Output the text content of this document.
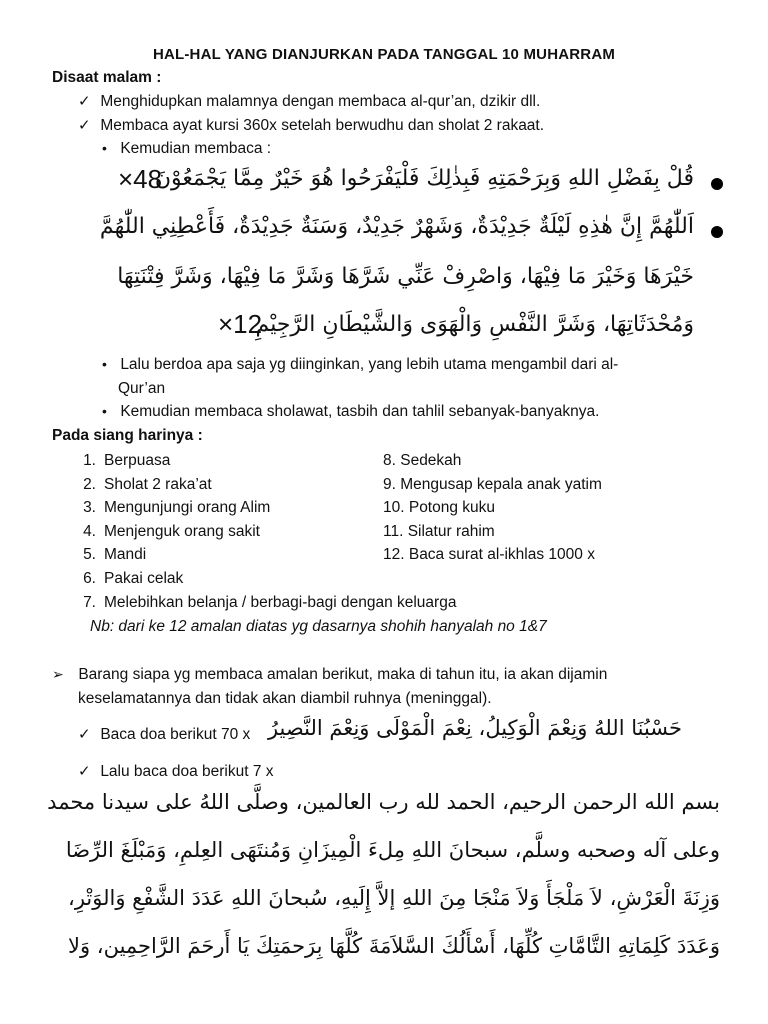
HAL-HAL YANG DIANJURKAN PADA TANGGAL 10 MUHARRAM
Disaat malam :
✓ Menghidupkan malamnya dengan membaca al-qur’an, dzikir dll.
✓ Membaca ayat kursi 360x setelah berwudhu dan sholat 2 rakaat.
• Kemudian membaca :
×48
قُلْ بِفَضْلِ اللهِ وَبِرَحْمَتِهِ فَبِذٰلِكَ فَلْيَفْرَحُوا هُوَ خَيْرٌ مِمَّا يَجْمَعُوْنَ
اَللّٰهُمَّ إِنَّ هٰذِهِ لَيْلَةٌ جَدِيْدَةٌ، وَشَهْرٌ جَدِيْدٌ، وَسَنَةٌ جَدِيْدَةٌ، فَأَعْطِنِي اللّٰهُمَّ
خَيْرَهَا وَخَيْرَ مَا فِيْهَا، وَاصْرِفْ عَنِّي شَرَّهَا وَشَرَّ مَا فِيْهَا، وَشَرَّ فِتْنَتِهَا
×12
وَمُحْدَثَاتِهَا، وَشَرَّ النَّفْسِ وَالْهَوَى وَالشَّيْطَانِ الرَّجِيْمِ
• Lalu berdoa apa saja yg diinginkan, yang lebih utama mengambil dari al-
Qur’an
• Kemudian membaca sholawat, tasbih dan tahlil sebanyak-banyaknya.
Pada siang harinya :
1. Berpuasa
2. Sholat 2 raka’at
3. Mengunjungi orang Alim
4. Menjenguk orang sakit
5. Mandi
6. Pakai celak
7. Melebihkan belanja / berbagi-bagi dengan keluarga
8. Sedekah
9. Mengusap kepala anak yatim
10. Potong kuku
11. Silatur rahim
12. Baca surat al-ikhlas 1000 x
Nb: dari ke 12 amalan diatas yg dasarnya shohih hanyalah no 1&7
➢ Barang siapa yg membaca amalan berikut, maka di tahun itu, ia akan dijamin
keselamatannya dan tidak akan diambil ruhnya (meninggal).
✓ Baca doa berikut 70 x حَسْبُنَا اللهُ وَنِعْمَ الْوَكِيلُ، نِعْمَ الْمَوْلَى وَنِعْمَ النَّصِيرُ
✓ Lalu baca doa berikut 7 x
بسم الله الرحمن الرحيم، الحمد لله رب العالمين، وصلَّى اللهُ على سيدنا محمد
وعلى آله وصحبه وسلَّم، سبحانَ اللهِ مِلءَ الْمِيزَانِ وَمُنتَهَى العِلمِ، وَمَبْلَغَ الرِّضَا
وَزِنَةَ الْعَرْشِ، لاَ مَلْجَأَ وَلاَ مَنْجَا مِنَ اللهِ إلاَّ إِلَيهِ، سُبحانَ اللهِ عَدَدَ الشَّفْعِ وَالوَتْرِ،
وَعَدَدَ كَلِمَاتِهِ التَّامَّاتِ كُلِّهَا، أَسْأَلُكَ السَّلاَمَةَ كُلَّهَا بِرَحمَتِكَ يَا أَرحَمَ الرَّاحِمِين، وَلا
